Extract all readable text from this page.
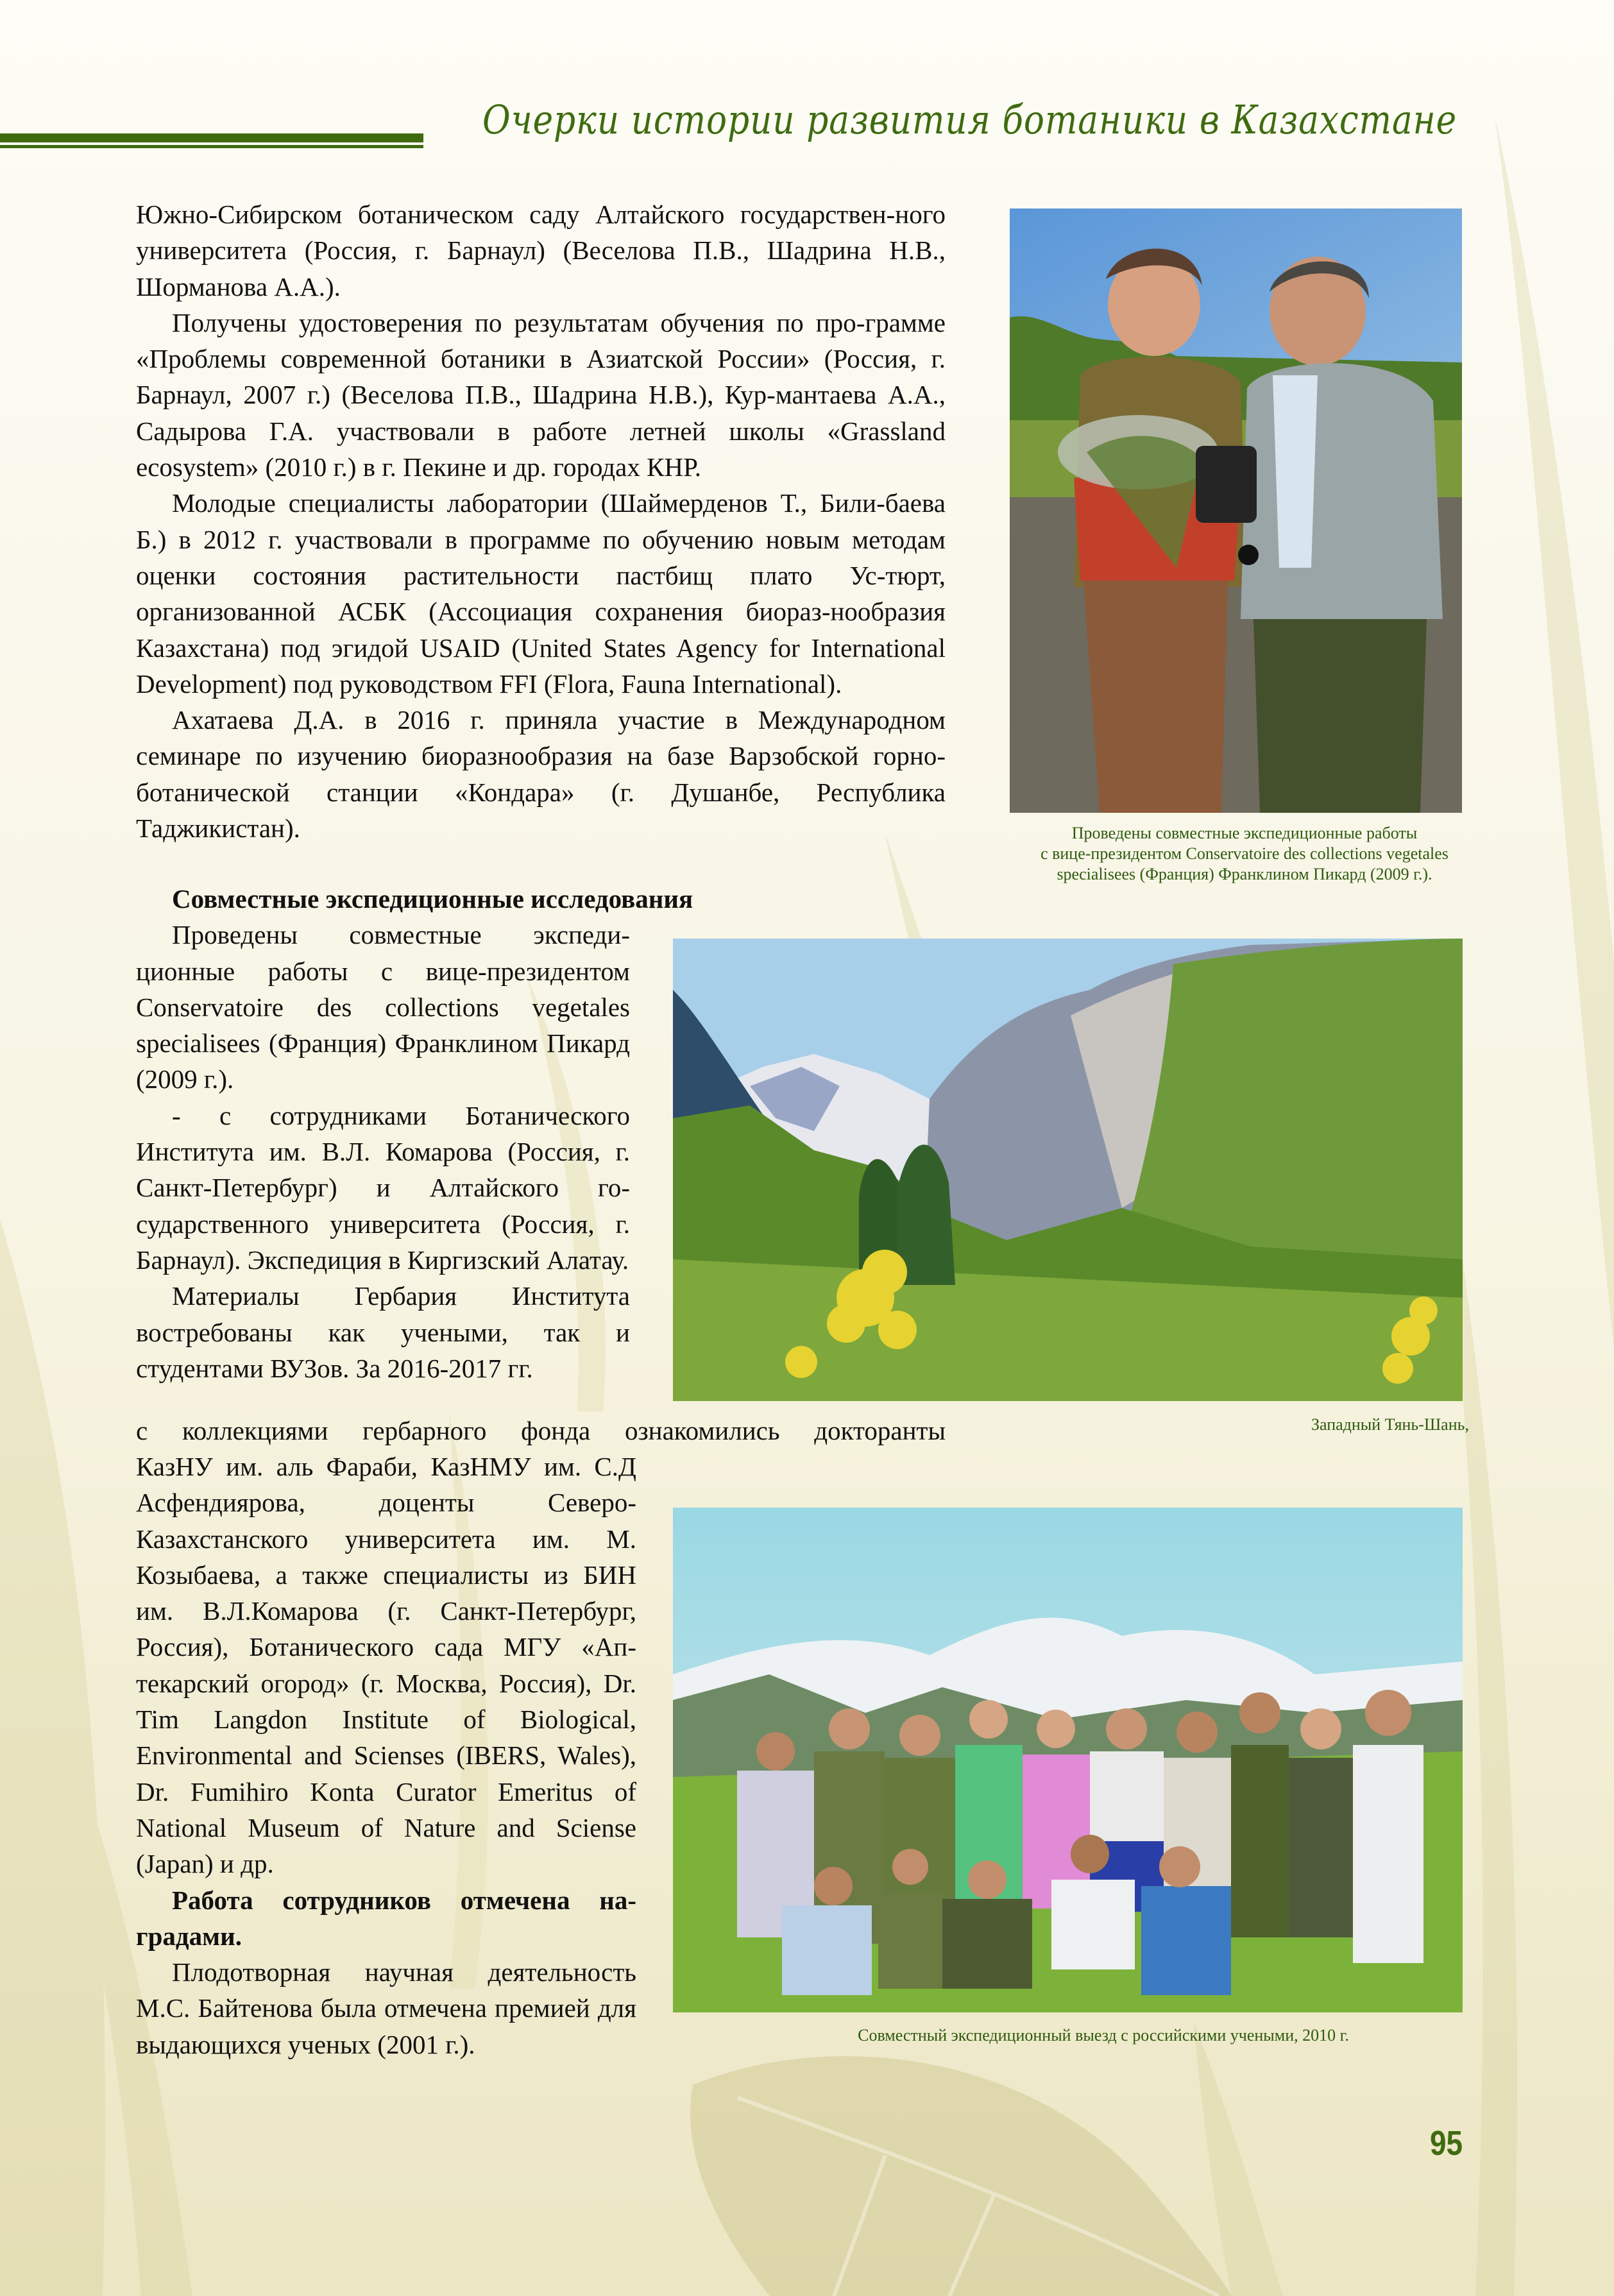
Очерки истории развития ботаники в Казахстане

Южно-Сибирском ботаническом саду Алтайского государствен-ного университета (Россия, г. Барнаул) (Веселова П.В., Шадрина Н.В., Шорманова А.А.).

Получены удостоверения по результатам обучения по про-грамме «Проблемы современной ботаники в Азиатской России» (Россия, г. Барнаул, 2007 г.) (Веселова П.В., Шадрина Н.В.), Кур-мантаева А.А., Садырова Г.А. участвовали в работе летней школы «Grassland ecosystem» (2010 г.) в г. Пекине и др. городах КНР.

Молодые специалисты лаборатории (Шаймерденов Т., Били-баева Б.) в 2012 г. участвовали в программе по обучению новым методам оценки состояния растительности пастбищ плато Ус-тюрт, организованной АСБК (Ассоциация сохранения биораз-нообразия Казахстана) под эгидой USAID (United States Agency for International Development) под руководством FFI (Flora, Fauna International).

Ахатаева Д.А. в 2016 г. приняла участие в Международном семинаре по изучению биоразнообразия на базе Варзобской горно-ботанической станции «Кондара» (г. Душанбе, Республика Таджикистан).

Совместные экспедиционные исследования

Проведены совместные экспеди-ционные работы с вице-президентом Conservatoire des collections vegetales specialisees (Франция) Франклином Пикард (2009 г.).

- с сотрудниками Ботанического Института им. В.Л. Комарова (Россия, г. Санкт-Петербург) и Алтайского го-сударственного университета (Россия, г. Барнаул). Экспедиция в Киргизский Алатау.

Материалы Гербария Института востребованы как учеными, так и студентами ВУЗов. За 2016-2017 гг.

с коллекциями гербарного фонда ознакомились докторанты

КазНУ им. аль Фараби, КазНМУ им. С.Д Асфендиярова, доценты Северо-Казахстанского университета им. М. Козыбаева, а также специалисты из БИН им. В.Л.Комарова (г. Санкт-Петербург, Россия), Ботанического сада МГУ «Ап-текарский огород» (г. Москва, Россия), Dr. Tim Langdon Institute of Biological, Environmental and Scienses (IBERS, Wales), Dr. Fumihiro Konta Curator Emeritus of National Museum of Nature and Sciense (Japan) и др.

Работа сотрудников отмечена на-градами.

Плодотворная научная деятельность М.С. Байтенова была отмечена премией для выдающихся ученых (2001 г.).

Проведены совместные экспедиционные работы
с вице-президентом Conservatoire des collections vegetales
specialisees (Франция) Франклином Пикард (2009 г.).
Западный Тянь-Шань,
Совместный экспедиционный выезд с российскими учеными, 2010 г.
95
